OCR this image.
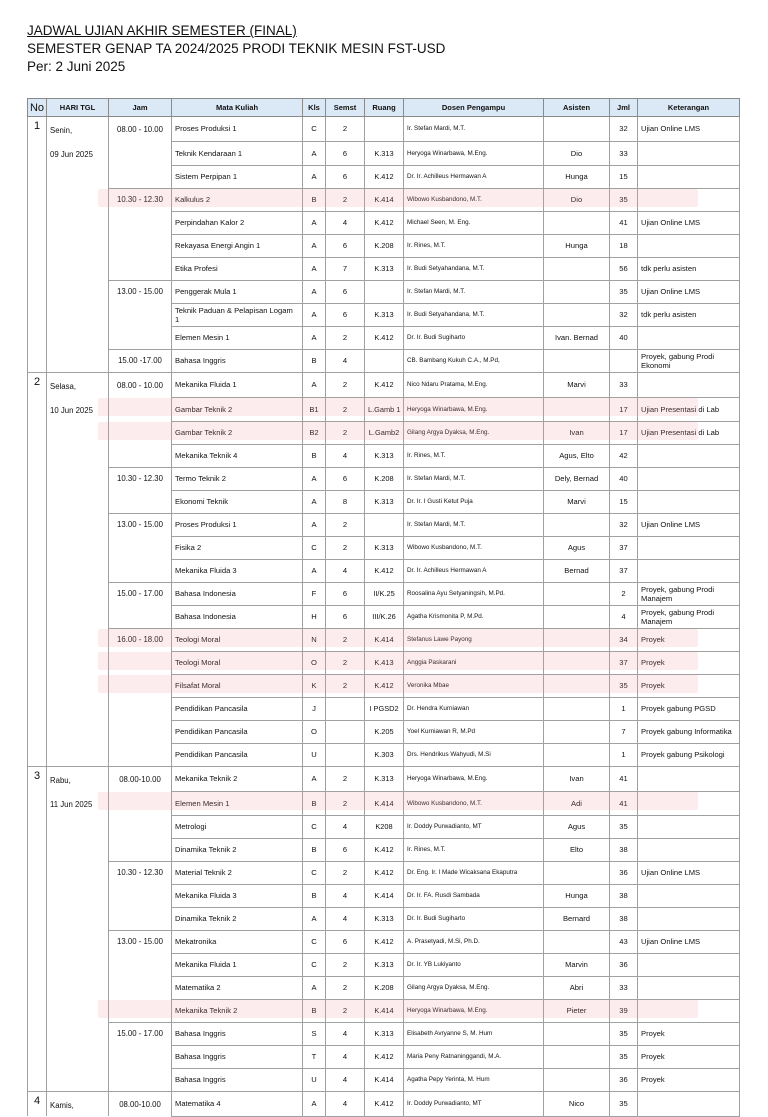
JADWAL UJIAN AKHIR SEMESTER (FINAL)
SEMESTER GENAP TA 2024/2025 PRODI TEKNIK MESIN FST-USD
Per: 2 Juni 2025
No	HARI TGL	Jam	Mata Kuliah	Kls	Semst	Ruang	Dosen Pengampu	Asisten	Jml	Keterangan
1	Senin,	08.00 - 10.00	Proses Produksi 1	C	2		Ir. Stefan Mardi, M.T.		32	Ujian Online LMS
	09 Jun 2025		Teknik Kendaraan 1	A	6	K.313	Heryoga Winarbawa, M.Eng.	Dio	33	
			Sistem Perpipan 1	A	6	K.412	Dr. Ir. Achilleus Hermawan A	Hunga	15	
		10.30 - 12.30	Kalkulus 2	B	2	K.414	Wibowo Kusbandono, M.T.	Dio	35	
			Perpindahan Kalor 2	A	4	K.412	Michael Seen, M. Eng.		41	Ujian Online LMS
			Rekayasa Energi Angin 1	A	6	K.208	Ir. Rines, M.T.	Hunga	18	
			Etika Profesi	A	7	K.313	Ir. Budi Setyahandana, M.T.		56	tdk perlu asisten
		13.00 - 15.00	Penggerak Mula 1	A	6		Ir. Stefan Mardi, M.T.		35	Ujian Online LMS
			Teknik Paduan & Pelapisan Logam 1	A	6	K.313	Ir. Budi Setyahandana, M.T.		32	tdk perlu asisten
			Elemen Mesin 1	A	2	K.412	Dr. Ir. Budi Sugiharto	Ivan. Bernad	40	
		15.00 -17.00	Bahasa Inggris	B	4		CB. Bambang Kukuh C.A., M.Pd,			Proyek, gabung Prodi Ekonomi
2	Selasa,	08.00 - 10.00	Mekanika Fluida 1	A	2	K.412	Nico Ndaru Pratama, M.Eng.	Marvi	33	
	10 Jun 2025		Gambar Teknik 2	B1	2	L.Gamb 1	Heryoga Winarbawa, M.Eng.		17	Ujian Presentasi di Lab
			Gambar Teknik 2	B2	2	L.Gamb2	Gilang Argya Dyaksa, M.Eng.	Ivan	17	Ujian Presentasi di Lab
			Mekanika Teknik 4	B	4	K.313	Ir. Rines, M.T.	Agus, Elto	42	
		10.30 - 12.30	Termo Teknik 2	A	6	K.208	Ir. Stefan Mardi, M.T.	Dely, Bernad	40	
			Ekonomi Teknik	A	8	K.313	Dr. Ir. I Gusti Ketut Puja	Marvi	15	
		13.00 - 15.00	Proses Produksi 1	A	2		Ir. Stefan Mardi, M.T.		32	Ujian Online LMS
			Fisika 2	C	2	K.313	Wibowo Kusbandono, M.T.	Agus	37	
			Mekanika Fluida 3	A	4	K.412	Dr. Ir. Achilleus Hermawan A	Bernad	37	
		15.00 - 17.00	Bahasa Indonesia	F	6	II/K.25	Roosalina Ayu Setyaningsih, M.Pd.		2	Proyek, gabung Prodi Manajem
			Bahasa Indonesia	H	6	III/K.26	Agatha Krismonita P, M.Pd.		4	Proyek, gabung Prodi Manajem
		16.00 - 18.00	Teologi Moral	N	2	K.414	Stefanus Lawe Payong		34	Proyek
			Teologi Moral	O	2	K.413	Anggia Paskarani		37	Proyek
			Filsafat Moral	K	2	K.412	Veronika Mbae		35	Proyek
			Pendidikan Pancasila	J		I PGSD2	Dr. Hendra Kurniawan		1	Proyek gabung PGSD
			Pendidikan Pancasila	O		K.205	Yoel Kurniawan R, M.Pd		7	Proyek gabung Informatika
			Pendidikan Pancasila	U		K.303	Drs. Hendrikus Wahyudi, M.Si		1	Proyek gabung Psikologi
3	Rabu,	08.00-10.00	Mekanika Teknik 2	A	2	K.313	Heryoga Winarbawa, M.Eng.	Ivan	41	
	11 Jun 2025		Elemen Mesin 1	B	2	K.414	Wibowo Kusbandono, M.T.	Adi	41	
			Metrologi	C	4	K208	Ir. Doddy Purwadianto, MT	Agus	35	
			Dinamika Teknik 2	B	6	K.412	Ir. Rines, M.T.	Elto	38	
		10.30 - 12.30	Material Teknik 2	C	2	K.412	Dr. Eng. Ir. I Made Wicaksana Ekaputra		36	Ujian Online LMS
			Mekanika Fluida 3	B	4	K.414	Dr. Ir. FA. Rusdi Sambada	Hunga	38	
			Dinamika Teknik 2	A	4	K.313	Dr. Ir. Budi Sugiharto	Bernard	38	
		13.00 - 15.00	Mekatronika	C	6	K.412	A. Prasetyadi, M.Si, Ph.D.		43	Ujian Online LMS
			Mekanika Fluida 1	C	2	K.313	Dr. Ir. YB Lukiyanto	Marvin	36	
			Matematika 2	A	2	K.208	Gilang Argya Dyaksa, M.Eng.	Abri	33	
			Mekanika Teknik 2	B	2	K.414	Heryoga Winarbawa, M.Eng.	Pieter	39	
		15.00 - 17.00	Bahasa Inggris	S	4	K.313	Elisabeth Avryanne S, M. Hum		35	Proyek
			Bahasa Inggris	T	4	K.412	Maria Peny Ratnaninggandi, M.A.		35	Proyek
			Bahasa Inggris	U	4	K.414	Agatha Pepy Yerinta, M. Hum		36	Proyek
4	Kamis,	08.00-10.00	Matematika 4	A	4	K.412	Ir. Doddy Purwadianto, MT	Nico	35	
